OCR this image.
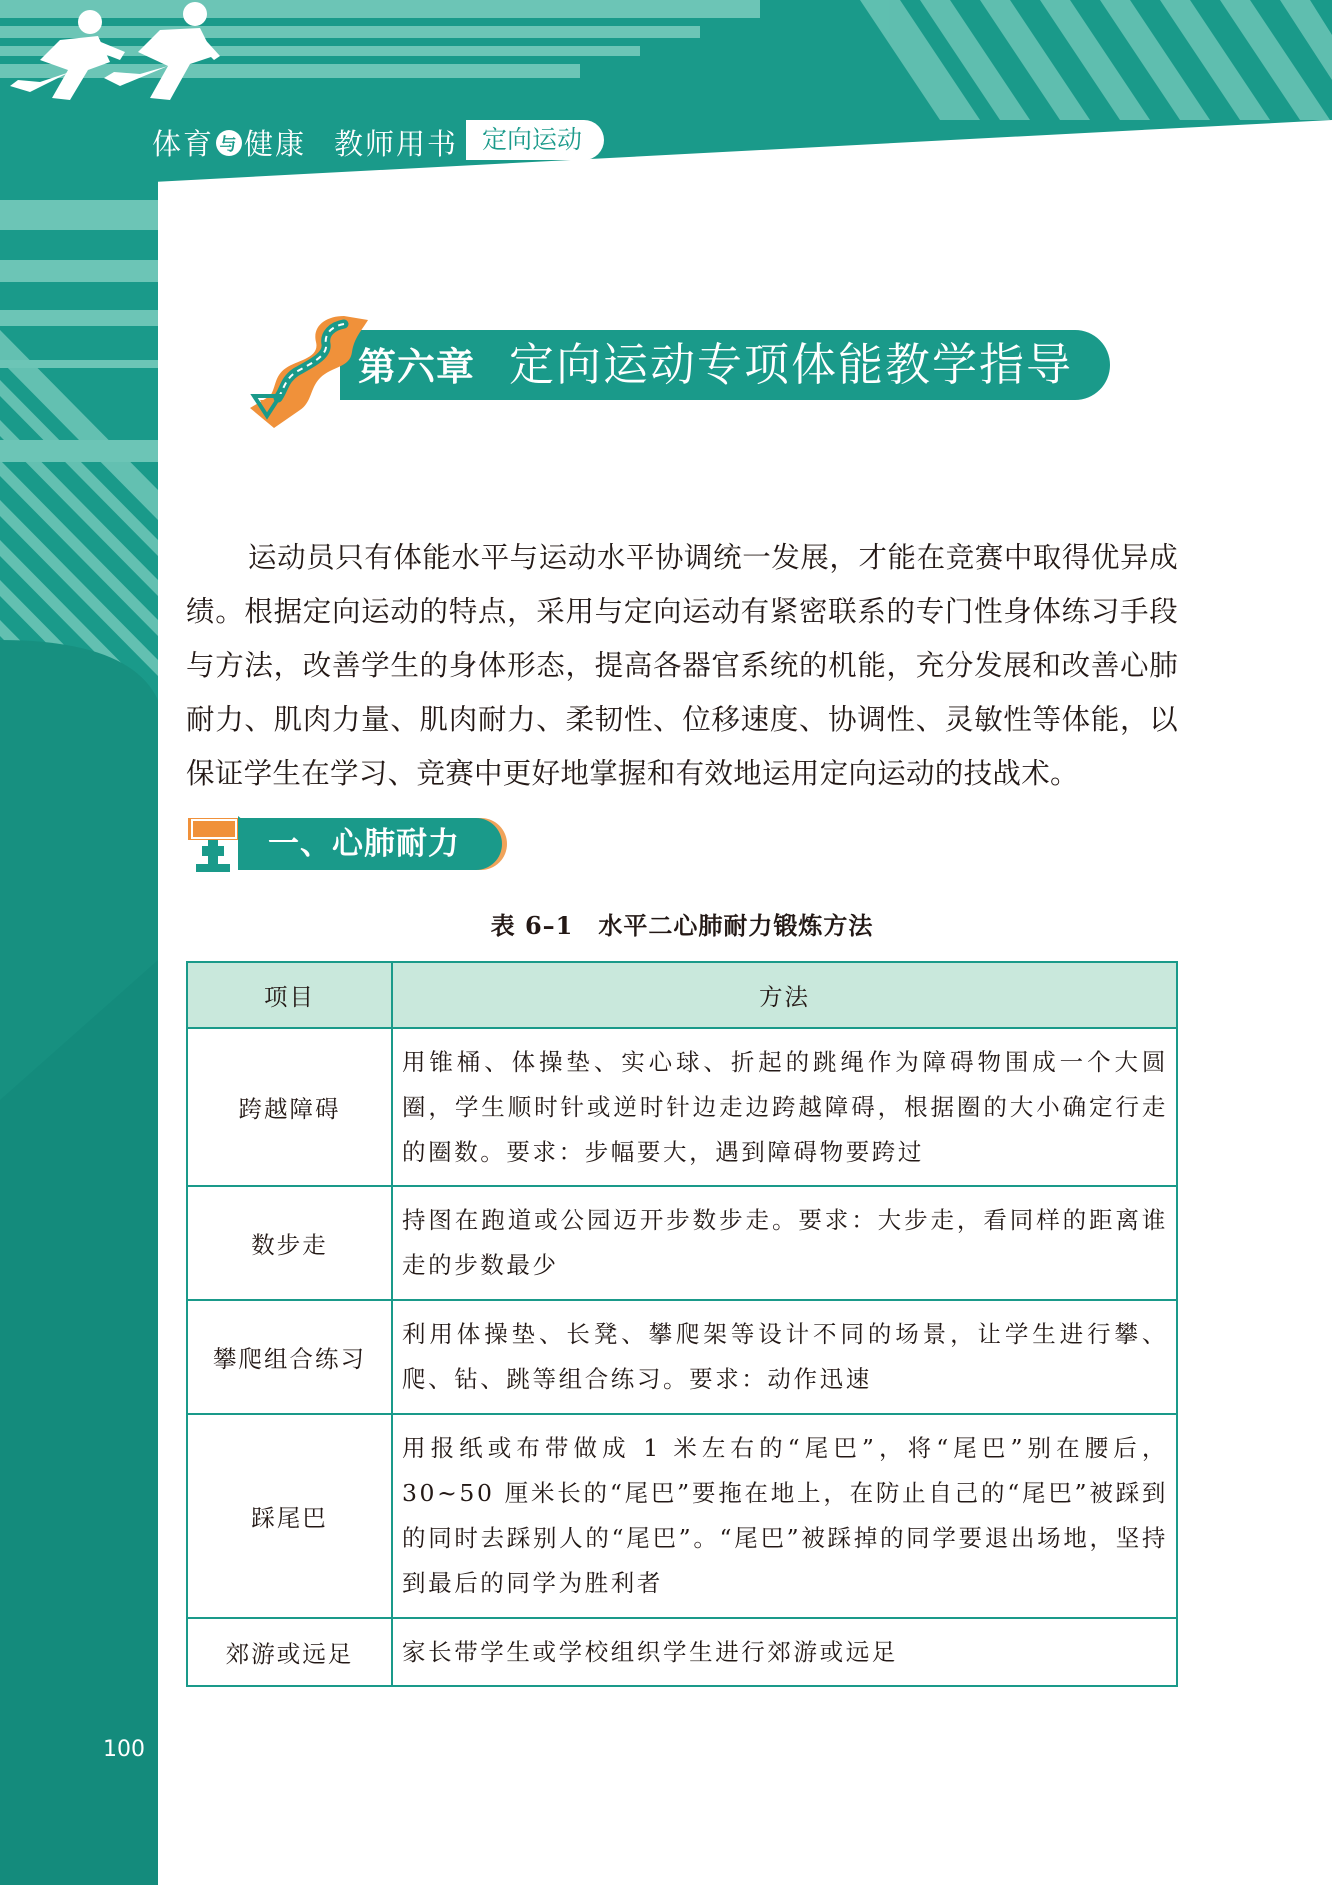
体育 与 健康 教师用书 定向运动
第六章 定向运动专项体能教学指导

运动员只有体能水平与运动水平协调统一发展，才能在竞赛中取得优异成绩。根据定向运动的特点，采用与定向运动有紧密联系的专门性身体练习手段与方法，改善学生的身体形态，提高各器官系统的机能，充分发展和改善心肺耐力、肌肉力量、肌肉耐力、柔韧性、位移速度、协调性、灵敏性等体能，以保证学生在学习、竞赛中更好地掌握和有效地运用定向运动的技战术。

一、心肺耐力
表 6–1　水平二心肺耐力锻炼方法
项目	方法
跨越障碍	用锥桶、体操垫、实心球、折起的跳绳作为障碍物围成一个大圆圈，学生顺时针或逆时针边走边跨越障碍，根据圈的大小确定行走的圈数。要求：步幅要大，遇到障碍物要跨过
数步走	持图在跑道或公园迈开步数步走。要求：大步走，看同样的距离谁走的步数最少
攀爬组合练习	利用体操垫、长凳、攀爬架等设计不同的场景，让学生进行攀、爬、钻、跳等组合练习。要求：动作迅速
踩尾巴	用报纸或布带做成 1 米左右的“尾巴”，将“尾巴”别在腰后，30~50 厘米长的“尾巴”要拖在地上，在防止自己的“尾巴”被踩到的同时去踩别人的“尾巴”。“尾巴”被踩掉的同学要退出场地，坚持到最后的同学为胜利者
郊游或远足	家长带学生或学校组织学生进行郊游或远足
100
